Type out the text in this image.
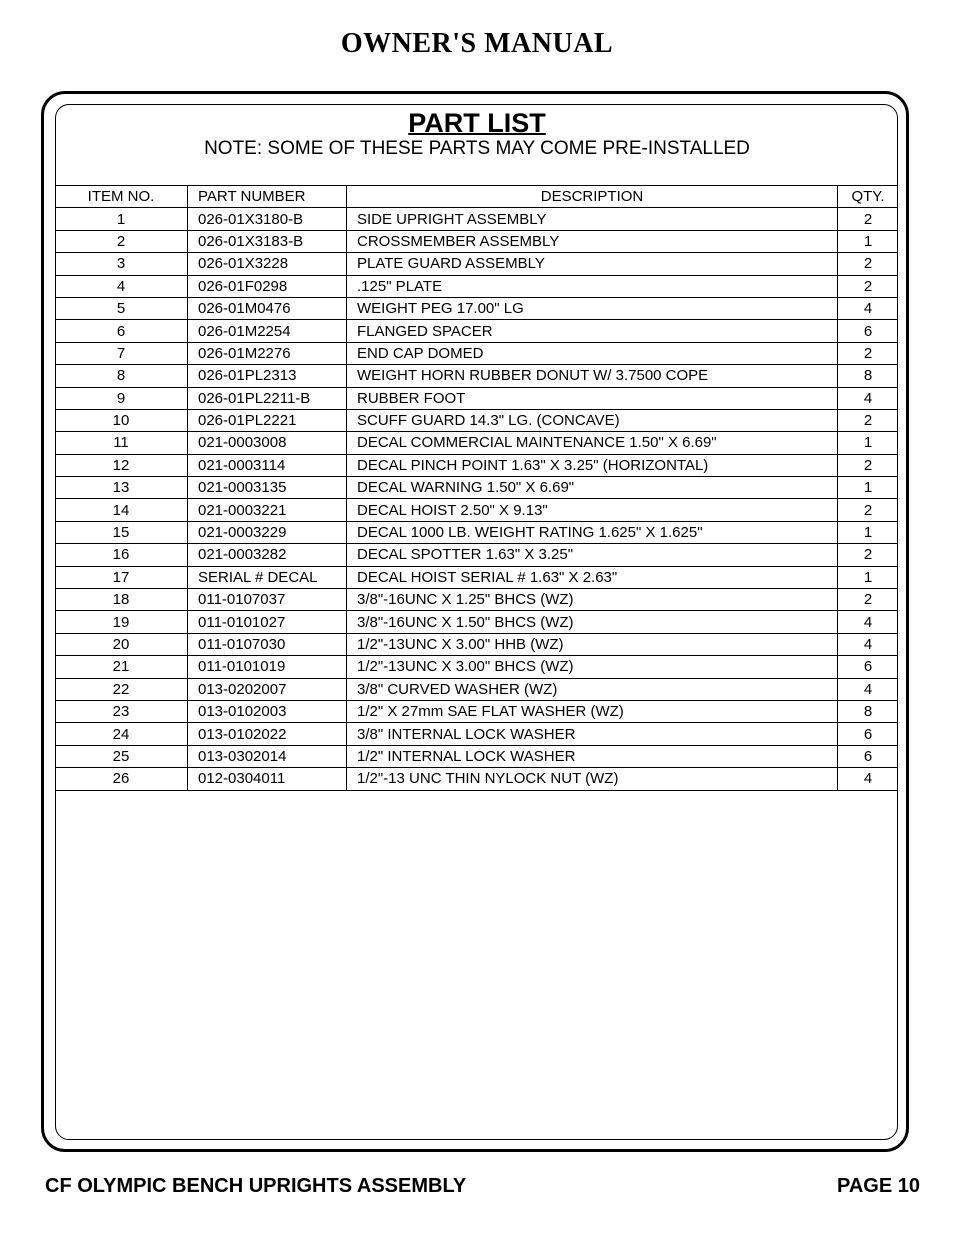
OWNER'S MANUAL
PART LIST
NOTE: SOME OF THESE PARTS MAY COME PRE-INSTALLED
ITEM NO.	PART NUMBER	DESCRIPTION	QTY.
1	026-01X3180-B	SIDE UPRIGHT ASSEMBLY	2
2	026-01X3183-B	CROSSMEMBER ASSEMBLY	1
3	026-01X3228	PLATE GUARD ASSEMBLY	2
4	026-01F0298	.125" PLATE	2
5	026-01M0476	WEIGHT PEG 17.00" LG	4
6	026-01M2254	FLANGED SPACER	6
7	026-01M2276	END CAP DOMED	2
8	026-01PL2313	WEIGHT HORN RUBBER DONUT W/ 3.7500 COPE	8
9	026-01PL2211-B	RUBBER FOOT	4
10	026-01PL2221	SCUFF GUARD 14.3" LG. (CONCAVE)	2
11	021-0003008	DECAL COMMERCIAL MAINTENANCE 1.50" X 6.69"	1
12	021-0003114	DECAL PINCH POINT 1.63" X 3.25" (HORIZONTAL)	2
13	021-0003135	DECAL WARNING 1.50" X 6.69"	1
14	021-0003221	DECAL HOIST 2.50" X 9.13"	2
15	021-0003229	DECAL 1000 LB. WEIGHT RATING 1.625" X 1.625"	1
16	021-0003282	DECAL SPOTTER 1.63" X 3.25"	2
17	SERIAL # DECAL	DECAL HOIST SERIAL # 1.63" X 2.63"	1
18	011-0107037	3/8"-16UNC X 1.25" BHCS (WZ)	2
19	011-0101027	3/8"-16UNC X 1.50" BHCS (WZ)	4
20	011-0107030	1/2"-13UNC X 3.00" HHB (WZ)	4
21	011-0101019	1/2"-13UNC X 3.00" BHCS (WZ)	6
22	013-0202007	3/8" CURVED WASHER (WZ)	4
23	013-0102003	1/2" X 27mm SAE FLAT WASHER (WZ)	8
24	013-0102022	3/8" INTERNAL LOCK WASHER	6
25	013-0302014	1/2" INTERNAL LOCK WASHER	6
26	012-0304011	1/2"-13 UNC THIN NYLOCK NUT (WZ)	4
CF OLYMPIC BENCH UPRIGHTS ASSEMBLY	PAGE 10
